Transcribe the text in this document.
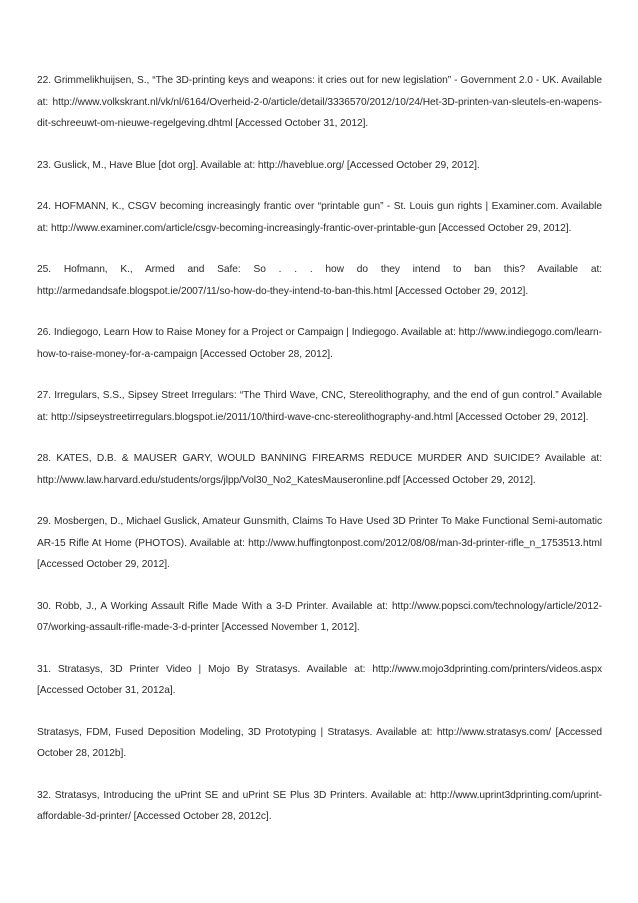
22. Grimmelikhuijsen, S., “The 3D-printing keys and weapons: it cries out for new legislation” - Government 2.0 - UK. Available at: http://www.volkskrant.nl/vk/nl/6164/Overheid-2-0/article/detail/3336570/2012/10/24/Het-3D-printen-van-sleutels-en-wapens-dit-schreeuwt-om-nieuwe-regelgeving.dhtml [Accessed October 31, 2012].

23. Guslick, M., Have Blue [dot org]. Available at: http://haveblue.org/ [Accessed October 29, 2012].

24. HOFMANN, K., CSGV becoming increasingly frantic over “printable gun” - St. Louis gun rights | Examiner.com. Available at: http://www.examiner.com/article/csgv-becoming-increasingly-frantic-over-printable-gun [Accessed October 29, 2012].

25. Hofmann, K., Armed and Safe: So . . . how do they intend to ban this? Available at: http://armedandsafe.blogspot.ie/2007/11/so-how-do-they-intend-to-ban-this.html [Accessed October 29, 2012].

26. Indiegogo, Learn How to Raise Money for a Project or Campaign | Indiegogo. Available at: http://www.indiegogo.com/learn-how-to-raise-money-for-a-campaign [Accessed October 28, 2012].

27. Irregulars, S.S., Sipsey Street Irregulars: “The Third Wave, CNC, Stereolithography, and the end of gun control.” Available at: http://sipseystreetirregulars.blogspot.ie/2011/10/third-wave-cnc-stereolithography-and.html [Accessed October 29, 2012].

28. KATES, D.B. & MAUSER GARY, WOULD BANNING FIREARMS REDUCE MURDER AND SUICIDE? Available at: http://www.law.harvard.edu/students/orgs/jlpp/Vol30_No2_KatesMauseronline.pdf [Accessed October 29, 2012].

29. Mosbergen, D., Michael Guslick, Amateur Gunsmith, Claims To Have Used 3D Printer To Make Functional Semi-automatic AR-15 Rifle At Home (PHOTOS). Available at: http://www.huffingtonpost.com/2012/08/08/man-3d-printer-rifle_n_1753513.html [Accessed October 29, 2012].

30. Robb, J., A Working Assault Rifle Made With a 3-D Printer. Available at: http://www.popsci.com/technology/article/2012-07/working-assault-rifle-made-3-d-printer [Accessed November 1, 2012].

31. Stratasys, 3D Printer Video | Mojo By Stratasys. Available at: http://www.mojo3dprinting.com/printers/videos.aspx [Accessed October 31, 2012a].

Stratasys, FDM, Fused Deposition Modeling, 3D Prototyping | Stratasys. Available at: http://www.stratasys.com/ [Accessed October 28, 2012b].

32. Stratasys, Introducing the uPrint SE and uPrint SE Plus 3D Printers. Available at: http://www.uprint3dprinting.com/uprint-affordable-3d-printer/ [Accessed October 28, 2012c].
